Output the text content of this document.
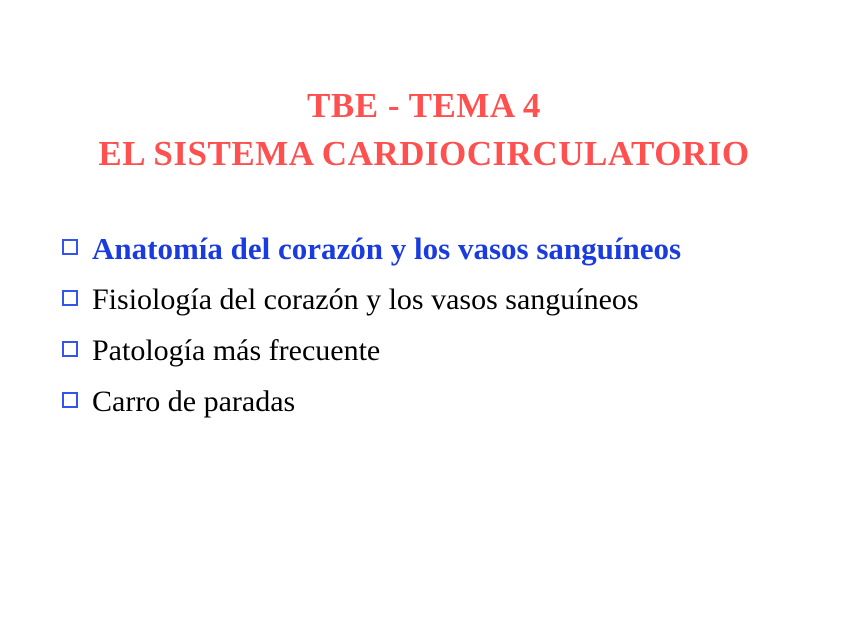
TBE - TEMA 4
EL SISTEMA CARDIOCIRCULATORIO
Anatomía del corazón y los vasos sanguíneos
Fisiología del corazón y los vasos sanguíneos
Patología más frecuente
Carro de paradas
